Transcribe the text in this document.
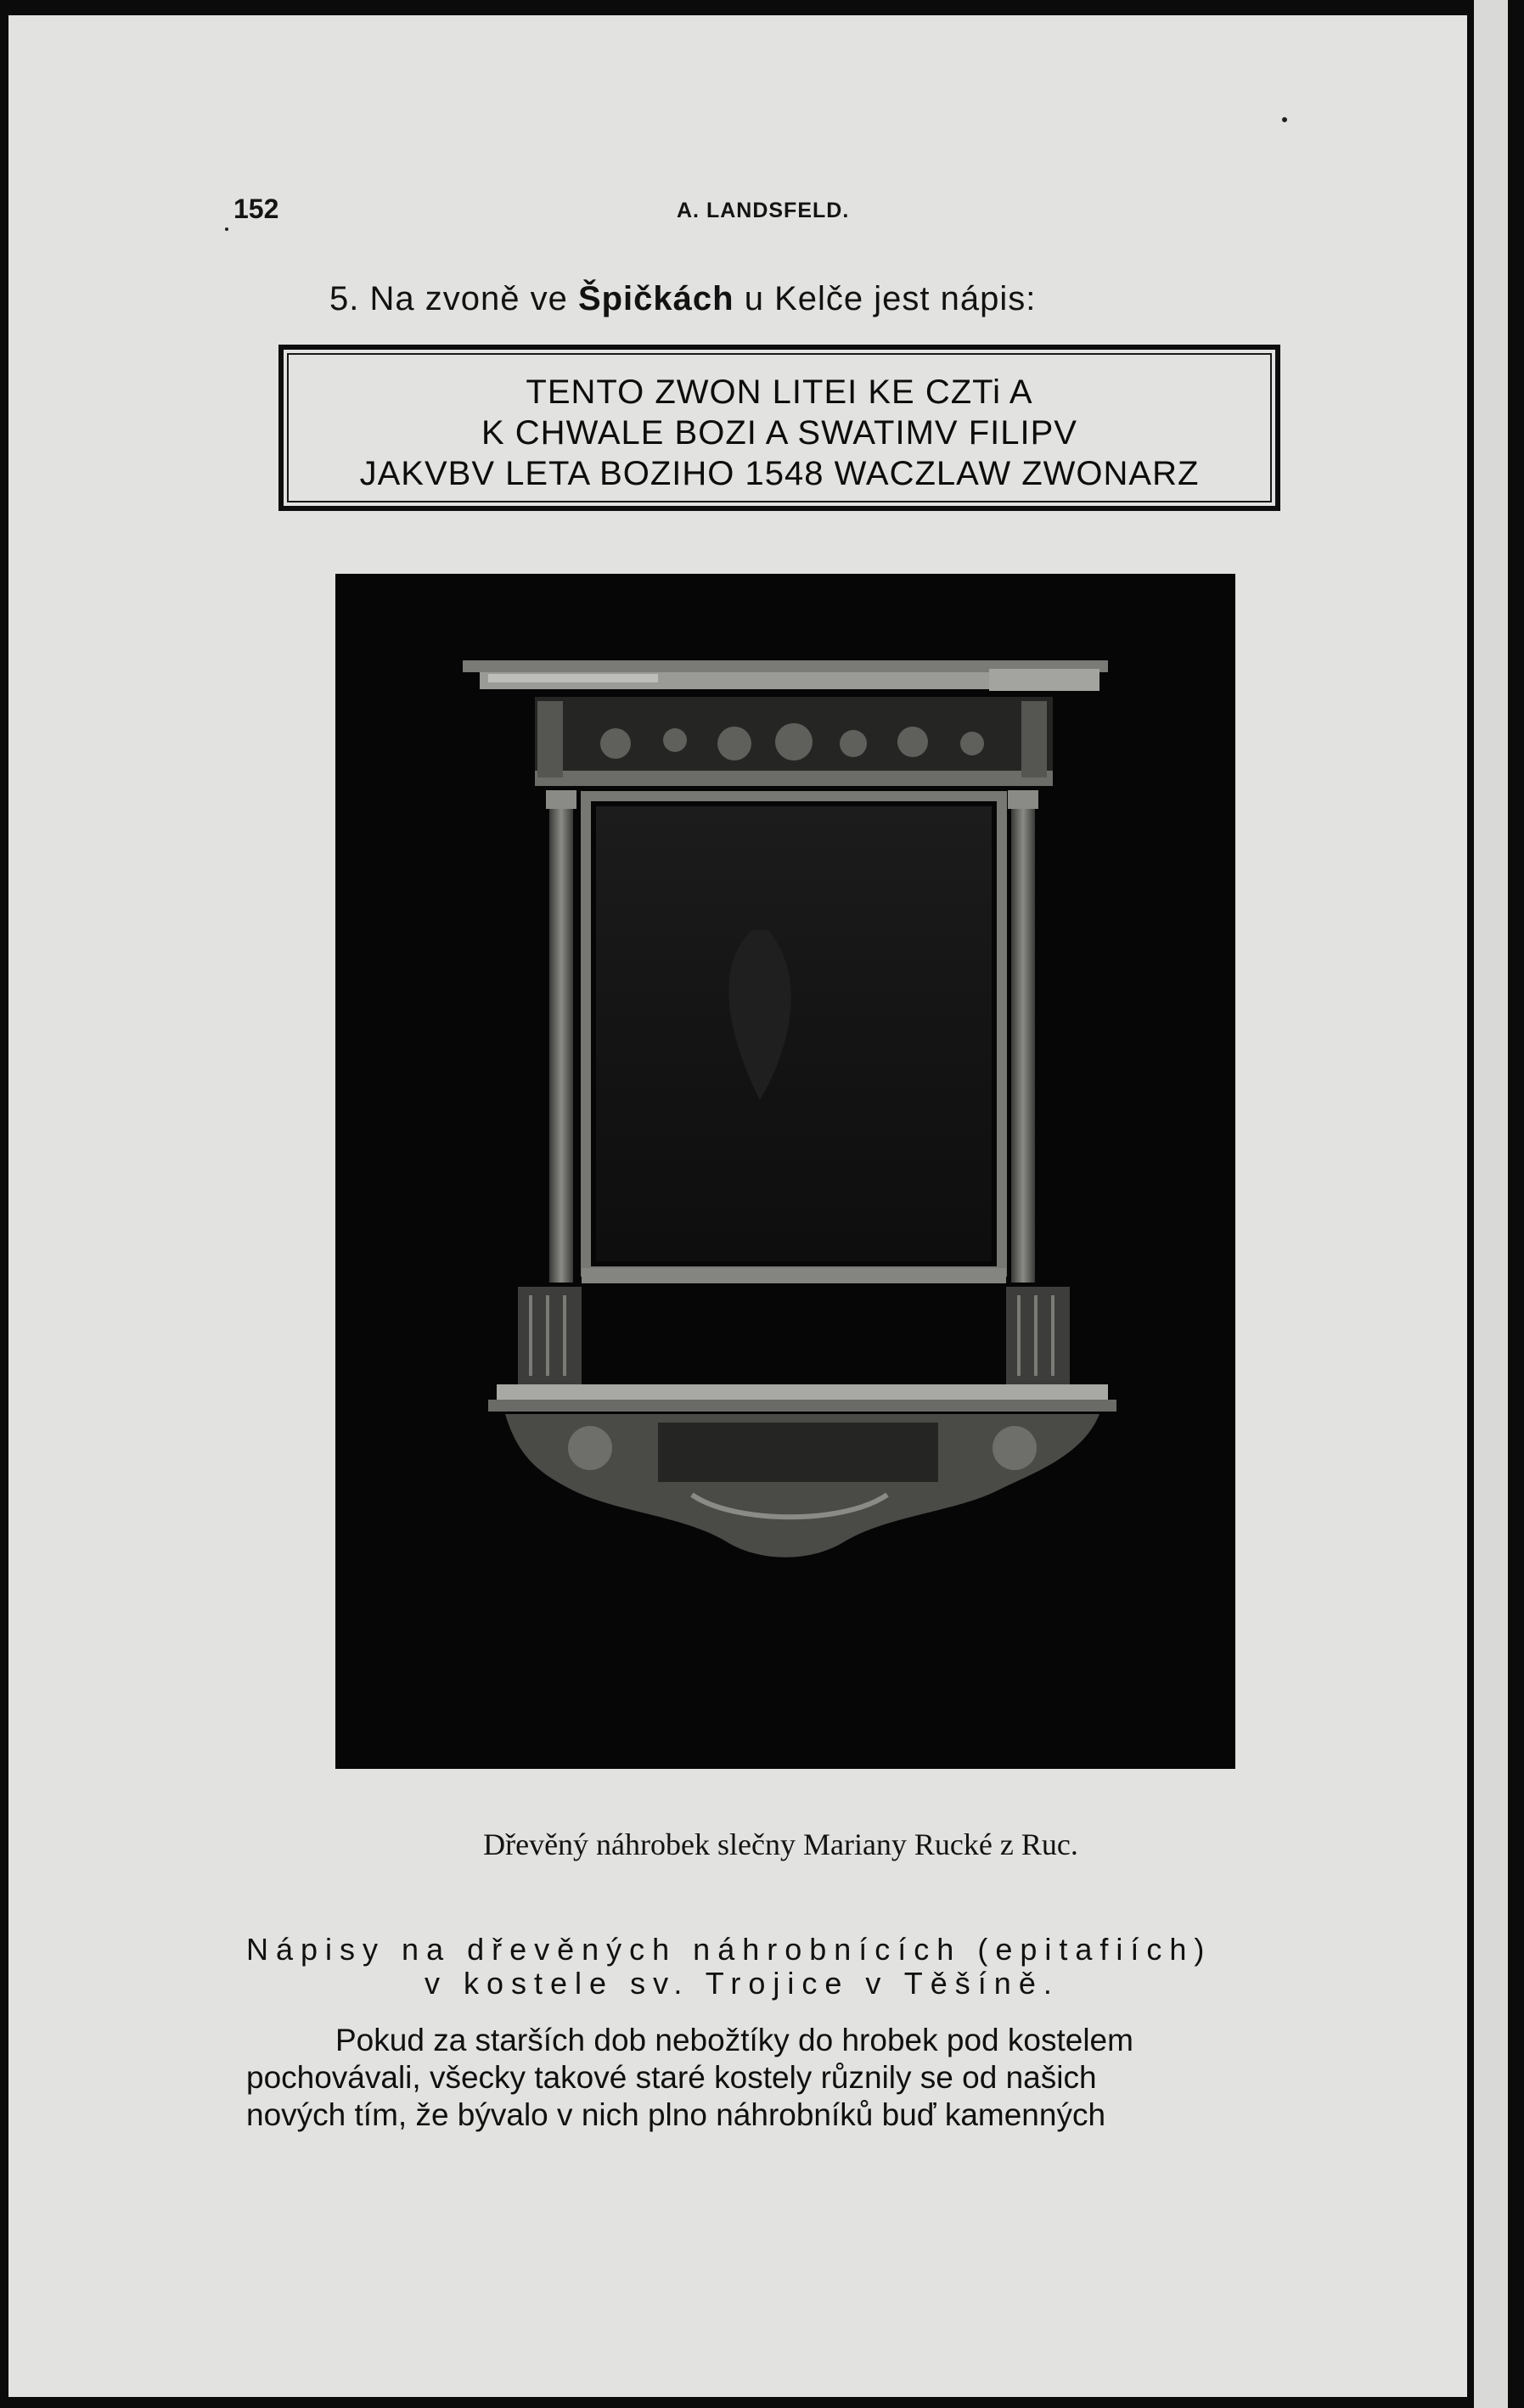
152	A. LANDSFELD.
5. Na zvoně ve Špičkách u Kelče jest nápis:
TENTO ZWON LITEI KE CZTi A
K CHWALE BOZI A SWATIMV FILIPV
JAKVBV LETA BOZIHO 1548 WACZLAW ZWONARZ
Dřevěný náhrobek slečny Mariany Rucké z Ruc.
Nápisy na dřevěných náhrobnících (epitafiích)
v kostele sv. Trojice v Těšíně.
Pokud za starších dob nebožtíky do hrobek pod kostelem
pochovávali, všecky takové staré kostely různily se od našich
nových tím, že bývalo v nich plno náhrobníků buď kamenných
